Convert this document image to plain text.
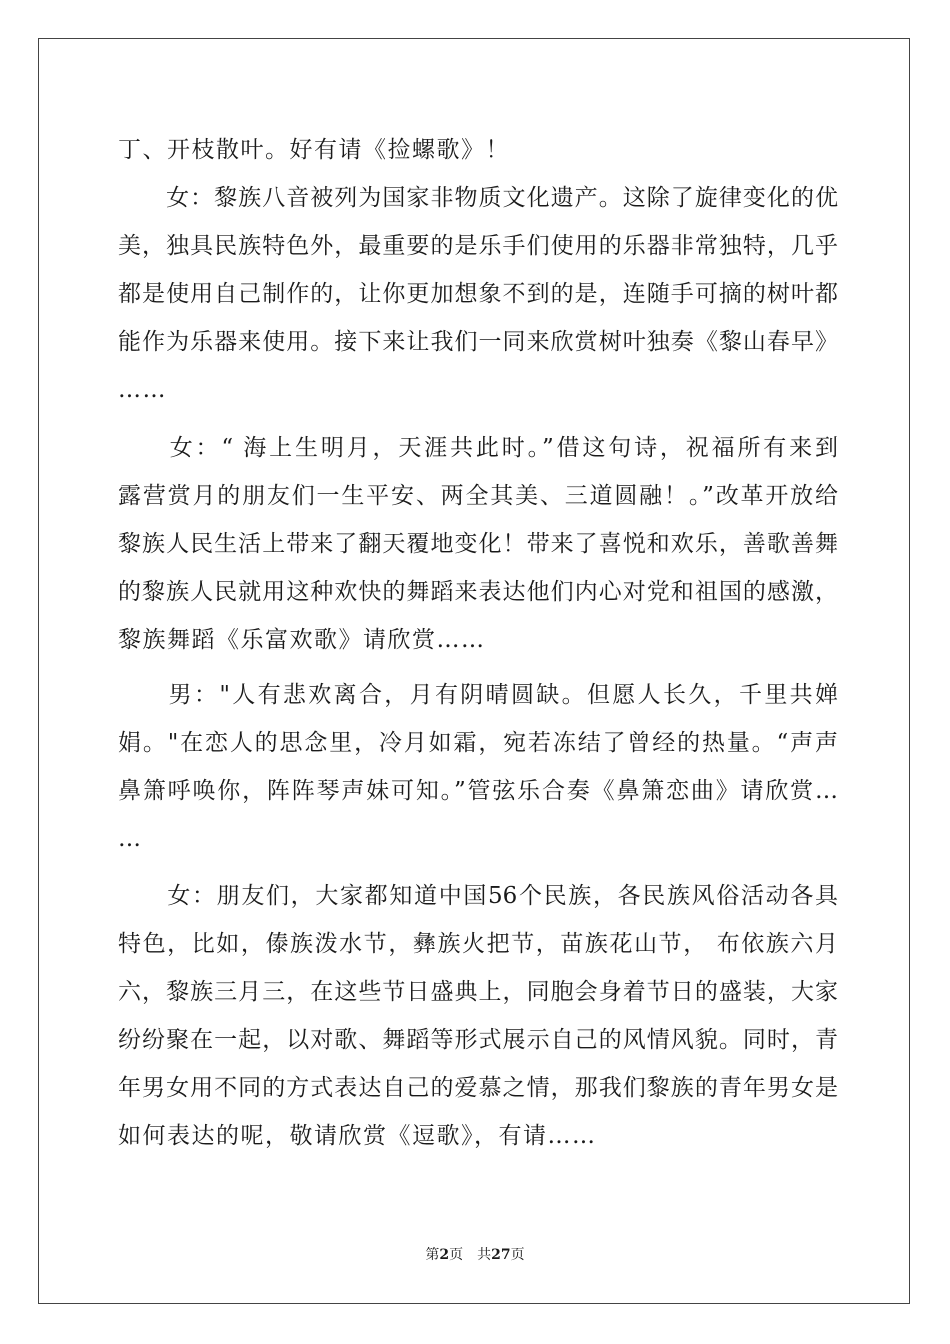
丁、开枝散叶。好有请《捡螺歌》！
　　女：黎族八音被列为国家非物质文化遗产。这除了旋律变化的优
美，独具民族特色外，最重要的是乐手们使用的乐器非常独特，几乎
都是使用自己制作的，让你更加想象不到的是，连随手可摘的树叶都
能作为乐器来使用。接下来让我们一同来欣赏树叶独奏《黎山春早》
……
　　女：“ 海上生明月，天涯共此时。”借这句诗，祝福所有来到
露营赏月的朋友们一生平安、两全其美、三道圆融！。”改革开放给
黎族人民生活上带来了翻天覆地变化！带来了喜悦和欢乐，善歌善舞
的黎族人民就用这种欢快的舞蹈来表达他们内心对党和祖国的感激，
黎族舞蹈《乐富欢歌》请欣赏……
　　男："人有悲欢离合，月有阴晴圆缺。但愿人长久，千里共婵
娟。"在恋人的思念里，冷月如霜，宛若冻结了曾经的热量。“声声
鼻箫呼唤你，阵阵琴声妹可知。”管弦乐合奏《鼻箫恋曲》请欣赏…
…
　　女：朋友们，大家都知道中国56个民族，各民族风俗活动各具
特色，比如，傣族泼水节，彝族火把节，苗族花山节， 布依族六月
六，黎族三月三，在这些节日盛典上，同胞会身着节日的盛装，大家
纷纷聚在一起，以对歌、舞蹈等形式展示自己的风情风貌。同时，青
年男女用不同的方式表达自己的爱慕之情，那我们黎族的青年男女是
如何表达的呢，敬请欣赏《逗歌》，有请……
第2页　 共27页
